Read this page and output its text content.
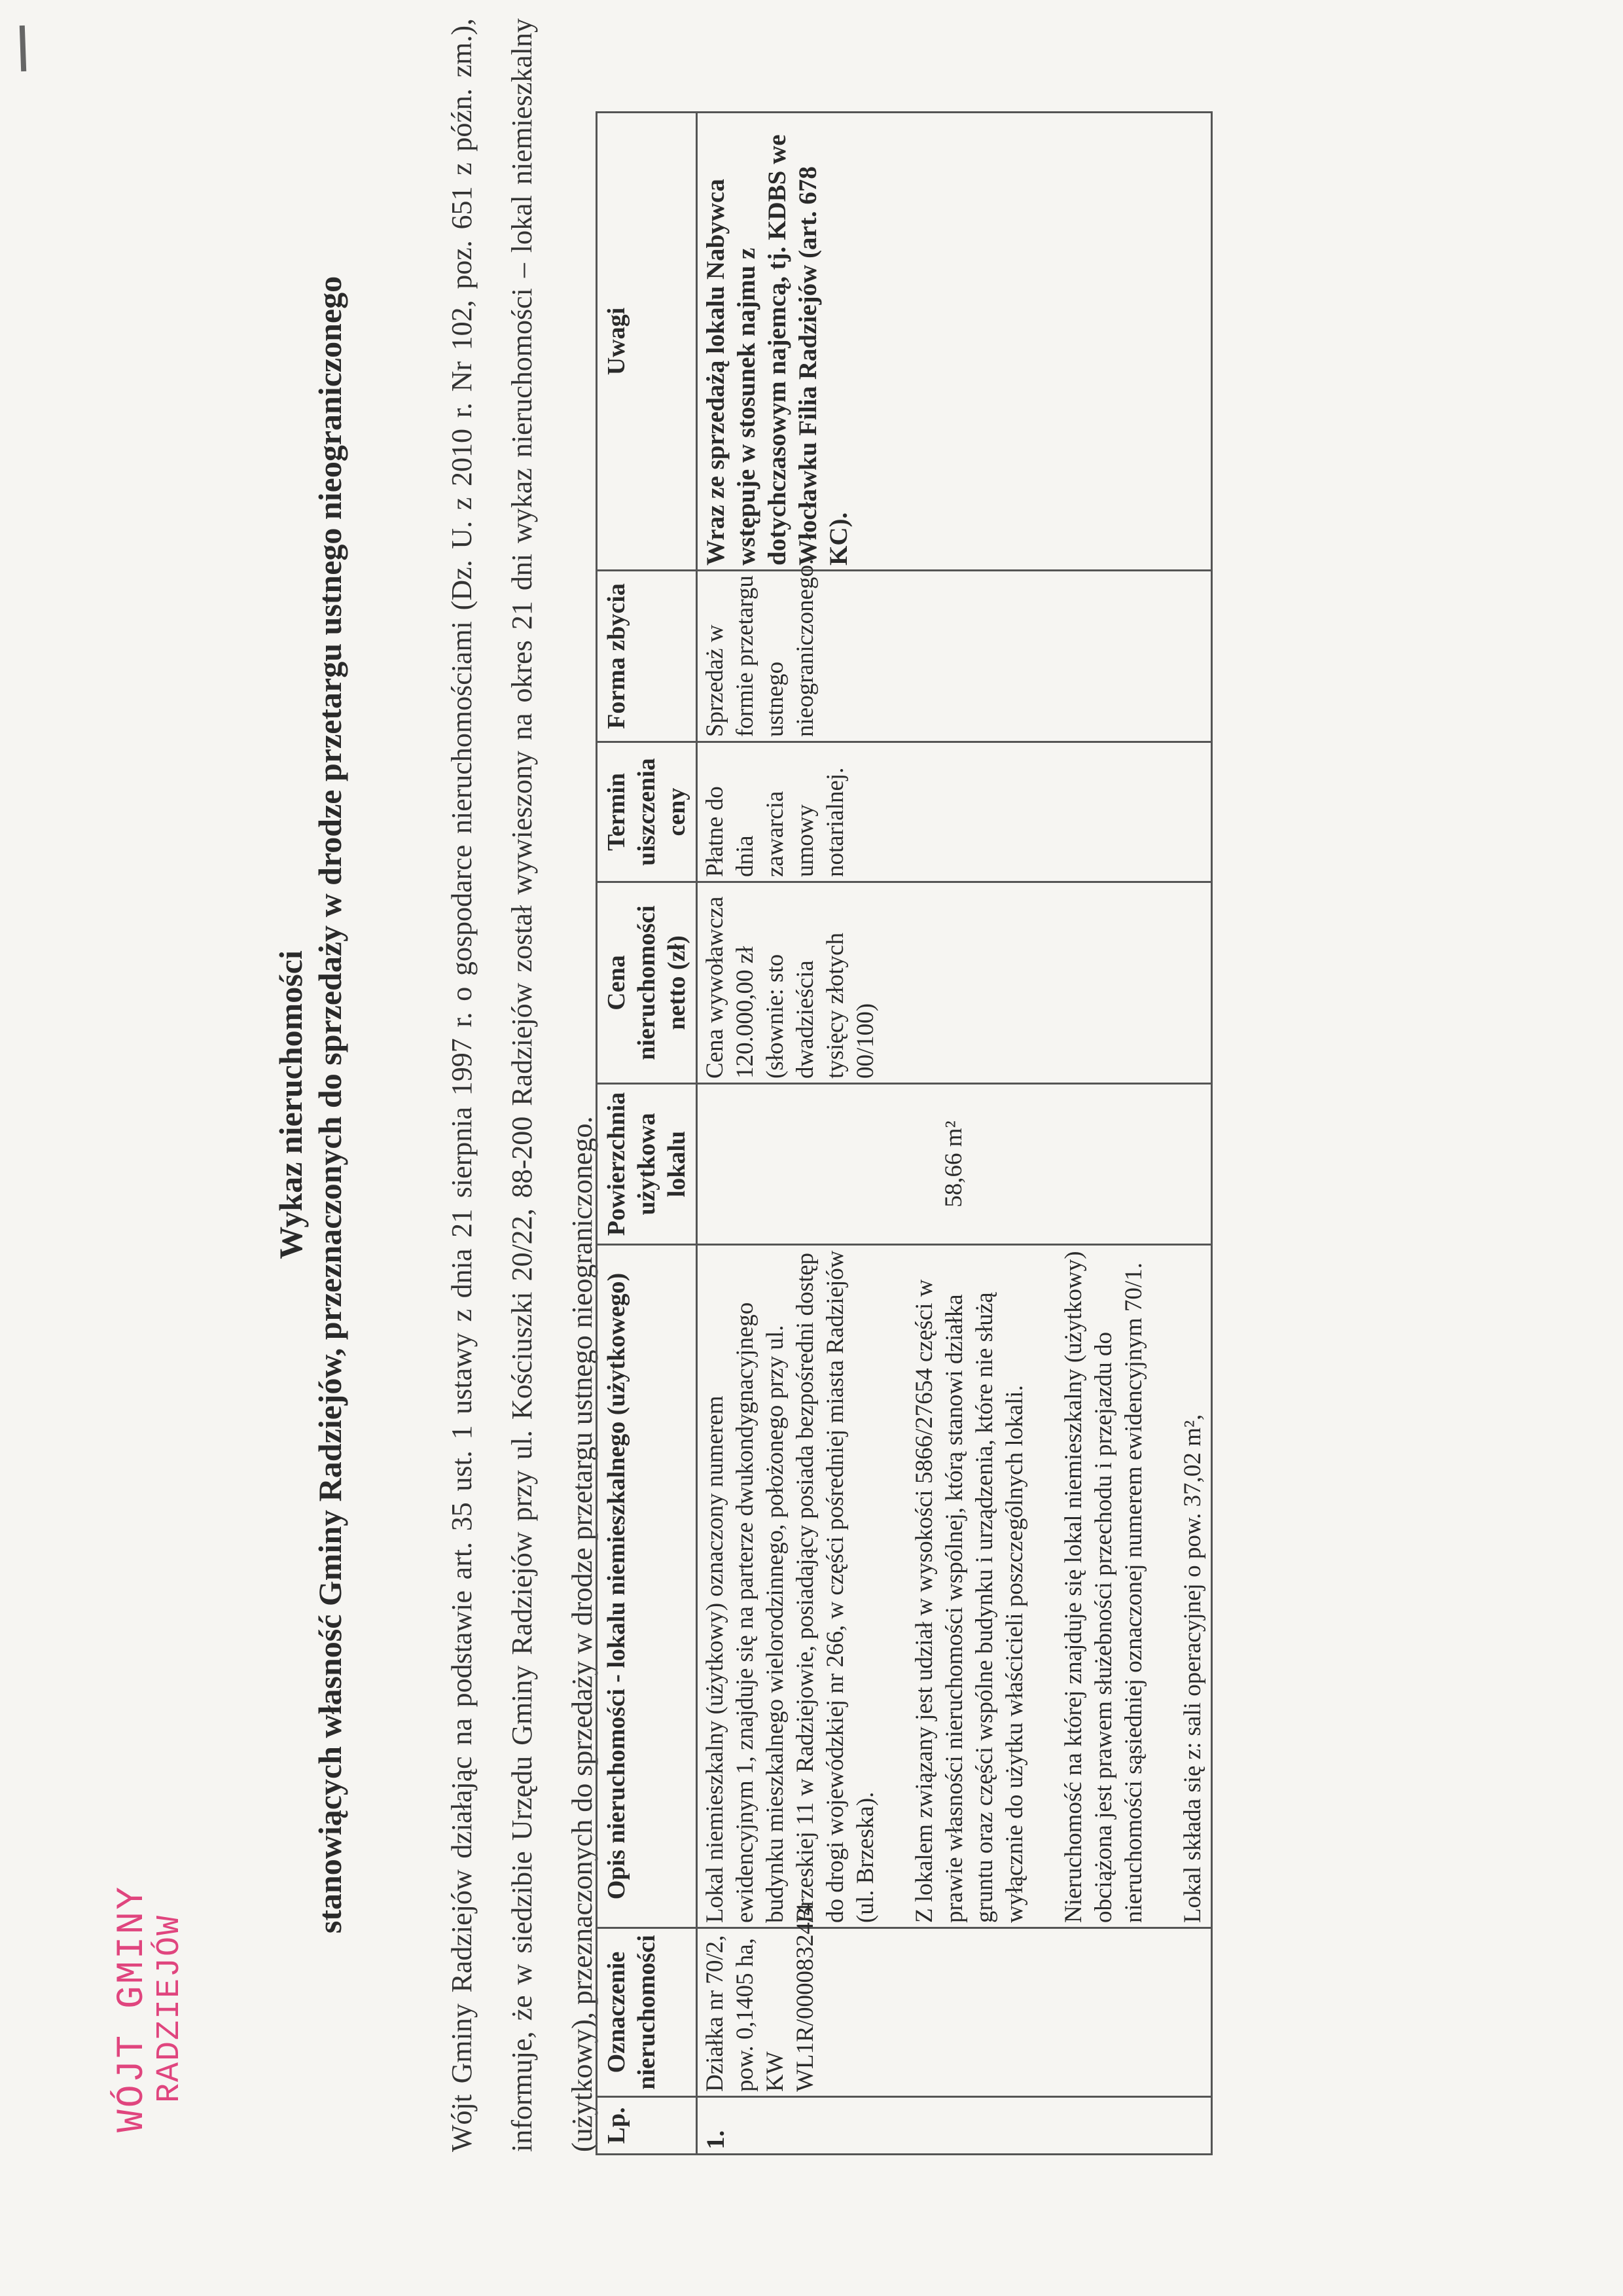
WÓJT GMINY
RADZIEJÓW
Wykaz nieruchomości stanowiących własność Gminy Radziejów, przeznaczonych do sprzedaży w drodze przetargu ustnego nieograniczonego	Wójt Gminy Radziejów działając na podstawie art. 35 ust. 1 ustawy z dnia 21 sierpnia 1997 r. o gospodarce nieruchomościami (Dz. U. z 2010 r. Nr 102, poz. 651 z późn. zm.), informuje, że w siedzibie Urzędu Gminy Radziejów przy ul. Kościuszki 20/22, 88-200 Radziejów został wywieszony na okres 21 dni wykaz nieruchomości – lokal niemieszkalny (użytkowy), przeznaczonych do sprzedaży w drodze przetargu ustnego nieograniczonego. Lp.	Oznaczenie nieruchomości	Opis nieruchomości - lokalu niemieszkalnego (użytkowego)	Powierzchnia użytkowa lokalu	Cena nieruchomości netto (zł)	Termin uiszczenia ceny	Forma zbycia	Uwagi
1.	Działka nr 70/2, pow. 0,1405 ha, KW WL1R/00008324/4	Lokal niemieszkalny (użytkowy) oznaczony numerem ewidencyjnym 1, znajduje się na parterze dwukondygnacyjnego budynku mieszkalnego wielorodzinnego, położonego przy ul. Brzeskiej 11 w Radziejowie, posiadający posiada bezpośredni dostęp do drogi wojewódzkiej nr 266, w części pośredniej miasta Radziejów (ul. Brzeska). Z lokalem związany jest udział w wysokości 5866/27654 części w prawie własności nieruchomości wspólnej, którą stanowi działka gruntu oraz części wspólne budynku i urządzenia, które nie służą wyłącznie do użytku właścicieli poszczególnych lokali. Nieruchomość na której znajduje się lokal niemieszkalny (użytkowy) obciążona jest prawem służebności przechodu i przejazdu do nieruchomości sąsiedniej oznaczonej numerem ewidencyjnym 70/1. Lokal składa się z: sali operacyjnej o pow. 37,02 m²,	58,66 m²	Cena wywoławcza 120.000,00 zł (słownie: sto dwadzieścia tysięcy złotych 00/100)	Płatne do dnia zawarcia umowy notarialnej.	Sprzedaż w formie przetargu ustnego nieograniczonego.	Wraz ze sprzedażą lokalu Nabywca wstępuje w stosunek najmu z dotychczasowym najemcą, tj. KDBS we Włocławku Filia Radziejów (art. 678 KC).
